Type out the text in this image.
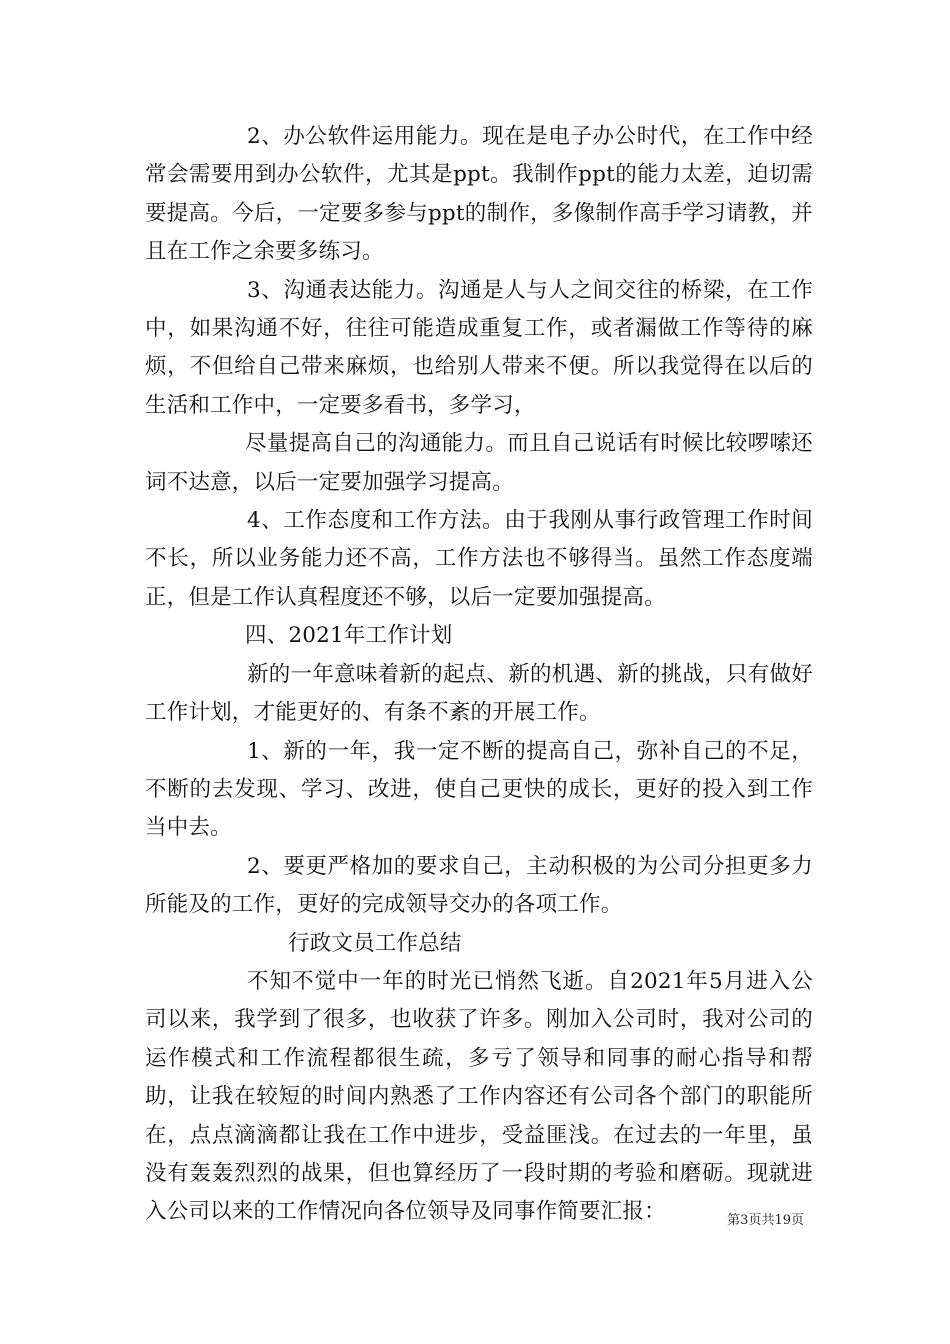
2、办公软件运用能力。现在是电子办公时代，在工作中经常会需要用到办公软件，尤其是ppt。我制作ppt的能力太差，迫切需要提高。今后，一定要多参与ppt的制作，多像制作高手学习请教，并且在工作之余要多练习。

3、沟通表达能力。沟通是人与人之间交往的桥梁，在工作中，如果沟通不好，往往可能造成重复工作，或者漏做工作等待的麻烦，不但给自己带来麻烦，也给别人带来不便。所以我觉得在以后的生活和工作中，一定要多看书，多学习，

尽量提高自己的沟通能力。而且自己说话有时候比较啰嗦还词不达意，以后一定要加强学习提高。

4、工作态度和工作方法。由于我刚从事行政管理工作时间不长，所以业务能力还不高，工作方法也不够得当。虽然工作态度端正，但是工作认真程度还不够，以后一定要加强提高。

四、2021年工作计划

新的一年意味着新的起点、新的机遇、新的挑战，只有做好工作计划，才能更好的、有条不紊的开展工作。

1、新的一年，我一定不断的提高自己，弥补自己的不足，不断的去发现、学习、改进，使自己更快的成长，更好的投入到工作当中去。

2、要更严格加的要求自己，主动积极的为公司分担更多力所能及的工作，更好的完成领导交办的各项工作。

行政文员工作总结

不知不觉中一年的时光已悄然飞逝。自2021年5月进入公司以来，我学到了很多，也收获了许多。刚加入公司时，我对公司的运作模式和工作流程都很生疏，多亏了领导和同事的耐心指导和帮助，让我在较短的时间内熟悉了工作内容还有公司各个部门的职能所在，点点滴滴都让我在工作中进步，受益匪浅。在过去的一年里，虽没有轰轰烈烈的战果，但也算经历了一段时期的考验和磨砺。现就进入公司以来的工作情况向各位领导及同事作简要汇报：	第3页共19页
